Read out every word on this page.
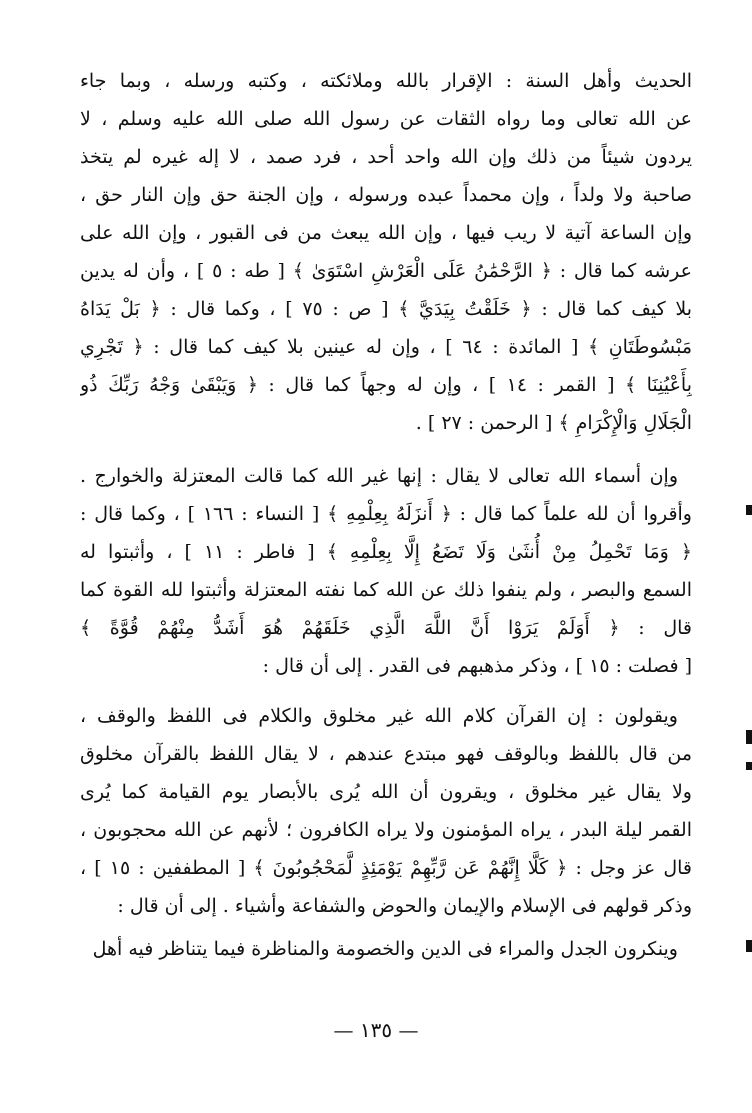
الحديث وأهل السنة : الإقرار بالله وملائكته ، وكتبه ورسله ، وبما جاء
عن الله تعالى وما رواه الثقات عن رسول الله صلى الله عليه وسلم ، لا
يردون شيئاً من ذلك وإن الله واحد أحد ، فرد صمد ، لا إله غيره لم يتخذ
صاحبة ولا ولداً ، وإن محمداً عبده ورسوله ، وإن الجنة حق وإن النار حق ،
وإن الساعة آتية لا ريب فيها ، وإن الله يبعث من فى القبور ، وإن الله على
عرشه كما قال : ﴿ الرَّحْمَٰنُ عَلَى الْعَرْشِ اسْتَوَىٰ ﴾ [ طه : ٥ ] ، وأن له يدين
بلا كيف كما قال : ﴿ خَلَقْتُ بِيَدَيَّ ﴾ [ ص : ٧٥ ] ، وكما قال : ﴿ بَلْ يَدَاهُ
مَبْسُوطَتَانِ ﴾ [ المائدة : ٦٤ ] ، وإن له عينين بلا كيف كما قال : ﴿ تَجْرِي
بِأَعْيُنِنَا ﴾ [ القمر : ١٤ ] ، وإن له وجهاً كما قال : ﴿ وَيَبْقَىٰ وَجْهُ رَبِّكَ ذُو
الْجَلَالِ وَالْإِكْرَامِ ﴾ [ الرحمن : ٢٧ ] .
وإن أسماء الله تعالى لا يقال : إنها غير الله كما قالت المعتزلة والخوارج .
وأقروا أن لله علماً كما قال : ﴿ أَنزَلَهُ بِعِلْمِهِ ﴾ [ النساء : ١٦٦ ] ، وكما قال :
﴿ وَمَا تَحْمِلُ مِنْ أُنثَىٰ وَلَا تَضَعُ إِلَّا بِعِلْمِهِ ﴾ [ فاطر : ١١ ] ، وأثبتوا له
السمع والبصر ، ولم ينفوا ذلك عن الله كما نفته المعتزلة وأثبتوا لله القوة كما
قال : ﴿ أَوَلَمْ يَرَوْا أَنَّ اللَّهَ الَّذِي خَلَقَهُمْ هُوَ أَشَدُّ مِنْهُمْ قُوَّةً ﴾
[ فصلت : ١٥ ] ، وذكر مذهبهم فى القدر . إلى أن قال :
ويقولون : إن القرآن كلام الله غير مخلوق والكلام فى اللفظ والوقف ،
من قال باللفظ وبالوقف فهو مبتدع عندهم ، لا يقال اللفظ بالقرآن مخلوق
ولا يقال غير مخلوق ، ويقرون أن الله يُرى بالأبصار يوم القيامة كما يُرى
القمر ليلة البدر ، يراه المؤمنون ولا يراه الكافرون ؛ لأنهم عن الله محجوبون ،
قال عز وجل : ﴿ كَلَّا إِنَّهُمْ عَن رَّبِّهِمْ يَوْمَئِذٍ لَّمَحْجُوبُونَ ﴾ [ المطففين : ١٥ ] ،
وذكر قولهم فى الإسلام والإيمان والحوض والشفاعة وأشياء . إلى أن قال :
وينكرون الجدل والمراء فى الدين والخصومة والمناظرة فيما يتناظر فيه أهل
— ١٣٥ —
